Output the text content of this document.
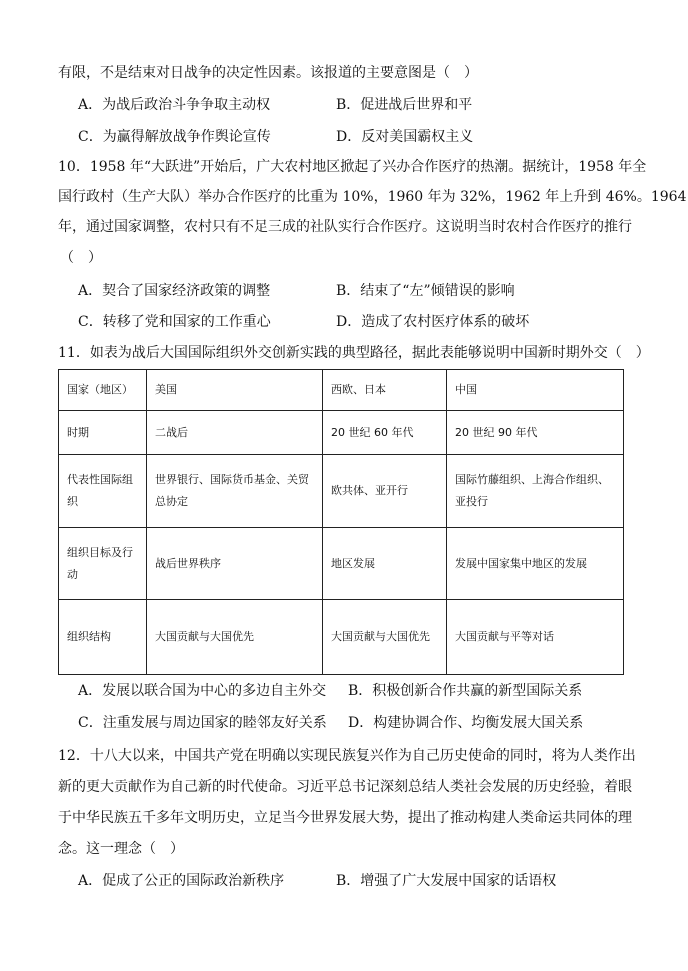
有限，不是结束对日战争的决定性因素。该报道的主要意图是（　）
A．为战后政治斗争争取主动权	B．促进战后世界和平
C．为赢得解放战争作舆论宣传	D．反对美国霸权主义
10．1958 年“大跃进”开始后，广大农村地区掀起了兴办合作医疗的热潮。据统计，1958 年全
国行政村（生产大队）举办合作医疗的比重为 10%，1960 年为 32%，1962 年上升到 46%。1964
年，通过国家调整，农村只有不足三成的社队实行合作医疗。这说明当时农村合作医疗的推行
（　）
A．契合了国家经济政策的调整	B．结束了“左”倾错误的影响
C．转移了党和国家的工作重心	D．造成了农村医疗体系的破坏
11．如表为战后大国国际组织外交创新实践的典型路径，据此表能够说明中国新时期外交（　）
国家（地区）	美国	西欧、日本	中国
时期	二战后	20 世纪 60 年代	20 世纪 90 年代
代表性国际组织	世界银行、国际货币基金、关贸总协定	欧共体、亚开行	国际竹藤组织、上海合作组织、亚投行
组织目标及行动	战后世界秩序	地区发展	发展中国家集中地区的发展
组织结构	大国贡献与大国优先	大国贡献与大国优先	大国贡献与平等对话
A．发展以联合国为中心的多边自主外交 B．积极创新合作共赢的新型国际关系
C．注重发展与周边国家的睦邻友好关系 D．构建协调合作、均衡发展大国关系
12．十八大以来，中国共产党在明确以实现民族复兴作为自己历史使命的同时，将为人类作出
新的更大贡献作为自己新的时代使命。习近平总书记深刻总结人类社会发展的历史经验，着眼
于中华民族五千多年文明历史，立足当今世界发展大势，提出了推动构建人类命运共同体的理
念。这一理念（　）
A．促成了公正的国际政治新秩序	B．增强了广大发展中国家的话语权
